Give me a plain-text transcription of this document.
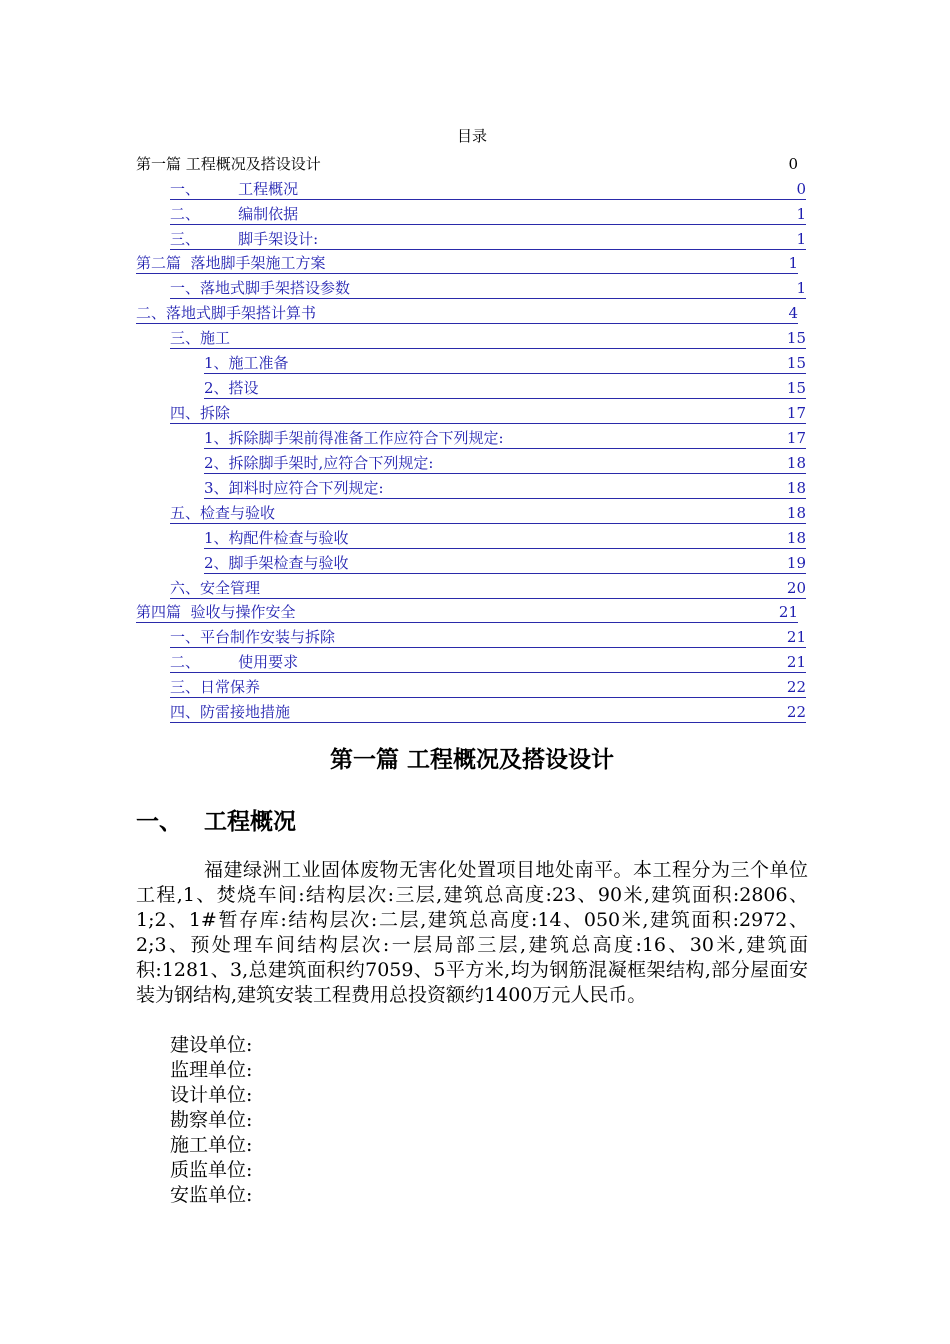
目录
第一篇 工程概况及搭设设计	0
一、        工程概况	0
二、        编制依据	1
三、        脚手架设计:	1
第二篇  落地脚手架施工方案	1
一、落地式脚手架搭设参数	1
二、落地式脚手架搭计算书	4
三、施工	15
1、施工准备	15
2、搭设	15
四、拆除	17
1、拆除脚手架前得准备工作应符合下列规定:	17
2、拆除脚手架时,应符合下列规定:	18
3、卸料时应符合下列规定:	18
五、检查与验收	18
1、构配件检查与验收	18
2、脚手架检查与验收	19
六、安全管理	20
第四篇  验收与操作安全	21
一、平台制作安装与拆除	21
二、        使用要求	21
三、日常保养	22
四、防雷接地措施	22
第一篇 工程概况及搭设设计
一、 工程概况

福建绿洲工业固体废物无害化处置项目地处南平。本工程分为三个单位工程,1、焚烧车间:结构层次:三层,建筑总高度:23、90米,建筑面积:2806、1;2、1#暂存库:结构层次:二层,建筑总高度:14、050米,建筑面积:2972、2;3、预处理车间结构层次:一层局部三层,建筑总高度:16、30米,建筑面积:1281、3,总建筑面积约7059、5平方米,均为钢筋混凝框架结构,部分屋面安装为钢结构,建筑安装工程费用总投资额约1400万元人民币。

建设单位:
监理单位:
设计单位:
勘察单位:
施工单位:
质监单位:
安监单位:
